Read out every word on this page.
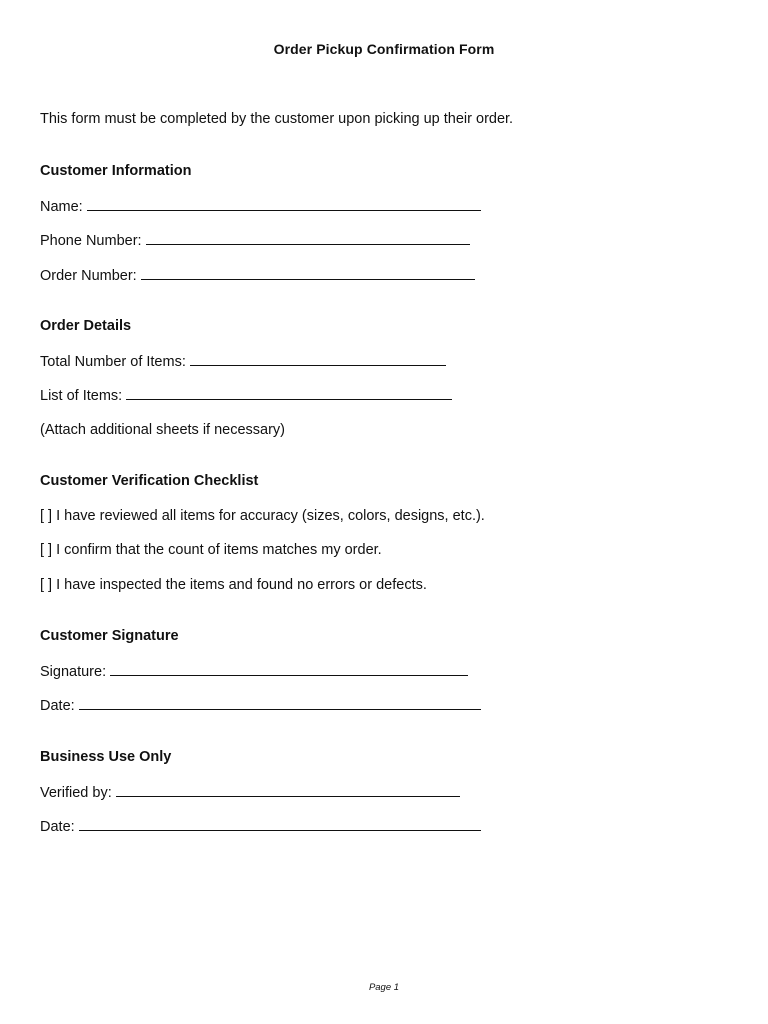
Order Pickup Confirmation Form
This form must be completed by the customer upon picking up their order.
Customer Information
Name:
Phone Number:
Order Number:
Order Details
Total Number of Items:
List of Items:
(Attach additional sheets if necessary)
Customer Verification Checklist
[ ] I have reviewed all items for accuracy (sizes, colors, designs, etc.).
[ ] I confirm that the count of items matches my order.
[ ] I have inspected the items and found no errors or defects.
Customer Signature
Signature:
Date:
Business Use Only
Verified by:
Date:
Page 1
